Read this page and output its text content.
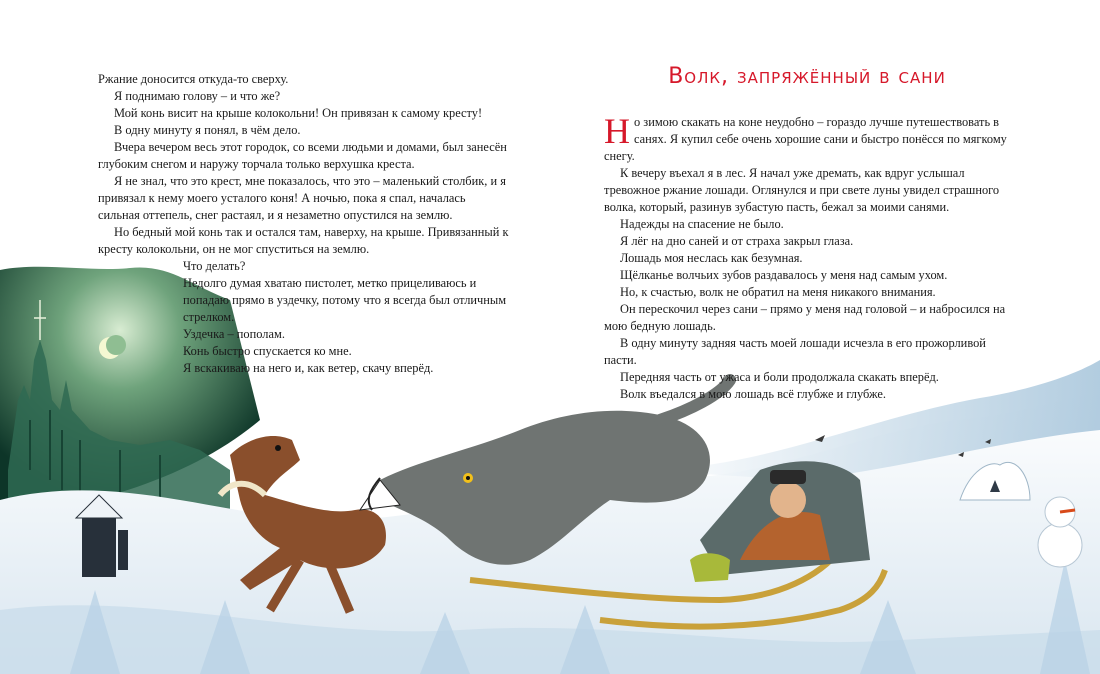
Ржание доносится откуда-то сверху.

Я поднимаю голову – и что же?

Мой конь висит на крыше колокольни! Он привязан к самому кресту!

В одну минуту я понял, в чём дело.

Вчера вечером весь этот городок, со всеми людьми и домами, был занесён глубоким снегом и наружу торчала только верхушка креста.

Я не знал, что это крест, мне показалось, что это – маленький столбик, и я привязал к нему моего усталого коня! А ночью, пока я спал, началась сильная оттепель, снег растаял, и я незаметно опустился на землю.

Но бедный мой конь так и остался там, наверху, на крыше. Привязанный к кресту колокольни, он не мог спуститься на землю.

Что делать?

Недолго думая хватаю пистолет, метко прицеливаюсь и попадаю прямо в уздечку, потому что я всегда был отличным стрелком.

Уздечка – пополам.

Конь быстро спускается ко мне.

Я вскакиваю на него и, как ветер, скачу вперёд.

Волк, запряжённый в сани

Но зимою скакать на коне неудобно – гораздо лучше путешествовать в санях. Я купил себе очень хорошие сани и быстро понёсся по мягкому снегу.

К вечеру въехал я в лес. Я начал уже дремать, как вдруг услышал тревожное ржание лошади. Оглянулся и при свете луны увидел страшного волка, который, разинув зубастую пасть, бежал за моими санями.

Надежды на спасение не было.

Я лёг на дно саней и от страха закрыл глаза.

Лошадь моя неслась как безумная.

Щёлканье волчьих зубов раздавалось у меня над самым ухом.

Но, к счастью, волк не обратил на меня никакого внимания.

Он перескочил через сани – прямо у меня над головой – и набросился на мою бедную лошадь.

В одну минуту задняя часть моей лошади исчезла в его прожорливой пасти.

Передняя часть от ужаса и боли продолжала скакать вперёд.

Волк въедался в мою лошадь всё глубже и глубже.
